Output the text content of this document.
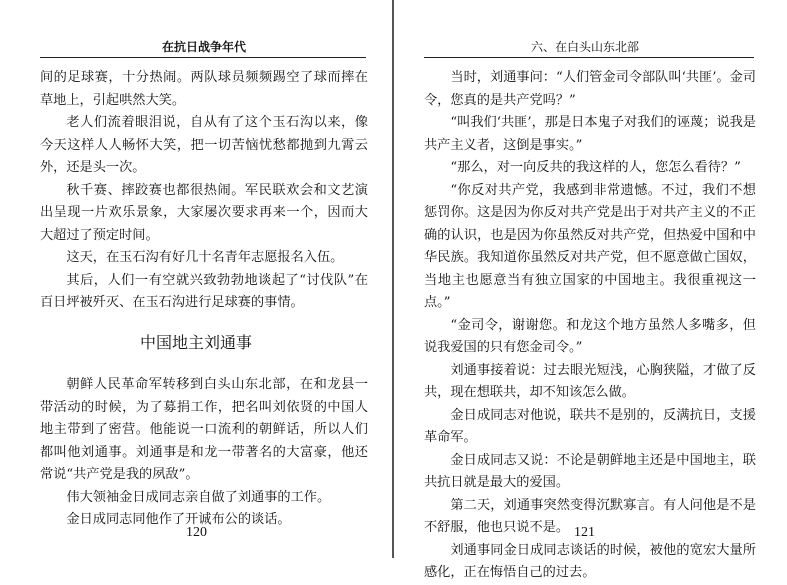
在抗日战争年代

间的足球赛，十分热闹。两队球员频频踢空了球而摔在草地上，引起哄然大笑。

老人们流着眼泪说，自从有了这个玉石沟以来，像今天这样人人畅怀大笑，把一切苦恼忧愁都抛到九霄云外，还是头一次。

秋千赛、摔跤赛也都很热闹。军民联欢会和文艺演出呈现一片欢乐景象，大家屡次要求再来一个，因而大大超过了预定时间。

这天，在玉石沟有好几十名青年志愿报名入伍。

其后，人们一有空就兴致勃勃地谈起了“讨伐队”在百日坪被歼灭、在玉石沟进行足球赛的事情。

中国地主刘通事

朝鲜人民革命军转移到白头山东北部，在和龙县一带活动的时候，为了募捐工作，把名叫刘依贤的中国人地主带到了密营。他能说一口流利的朝鲜话，所以人们都叫他刘通事。刘通事是和龙一带著名的大富豪，他还常说“共产党是我的夙敌”。

伟大领袖金日成同志亲自做了刘通事的工作。

金日成同志同他作了开诚布公的谈话。

120
六、在白头山东北部

当时，刘通事问：“人们管金司令部队叫‘共匪’。金司令，您真的是共产党吗？”

“叫我们‘共匪’，那是日本鬼子对我们的诬蔑；说我是共产主义者，这倒是事实。”

“那么，对一向反共的我这样的人，您怎么看待？”

“你反对共产党，我感到非常遗憾。不过，我们不想惩罚你。这是因为你反对共产党是出于对共产主义的不正确的认识，也是因为你虽然反对共产党，但热爱中国和中华民族。我知道你虽然反对共产党，但不愿意做亡国奴，当地主也愿意当有独立国家的中国地主。我很重视这一点。”

“金司令，谢谢您。和龙这个地方虽然人多嘴多，但说我爱国的只有您金司令。”

刘通事接着说：过去眼光短浅，心胸狭隘，才做了反共，现在想联共，却不知该怎么做。

金日成同志对他说，联共不是别的，反满抗日，支援革命军。

金日成同志又说：不论是朝鲜地主还是中国地主，联共抗日就是最大的爱国。

第二天，刘通事突然变得沉默寡言。有人问他是不是不舒服，他也只说不是。

刘通事同金日成同志谈话的时候，被他的宽宏大量所感化，正在悔悟自己的过去。

121
